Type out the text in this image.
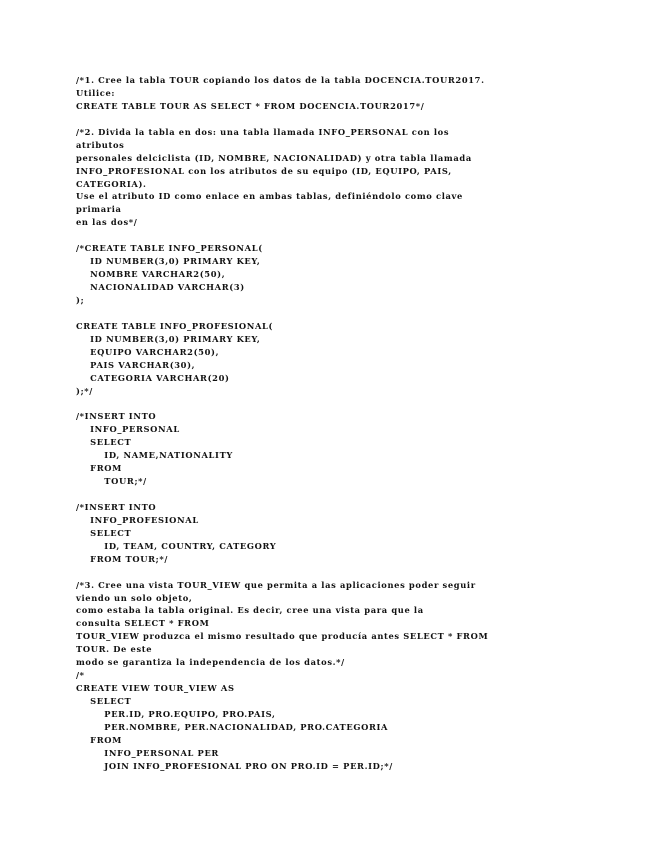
/*1. Cree la tabla TOUR copiando los datos de la tabla DOCENCIA.TOUR2017.
Utilice:
CREATE TABLE TOUR AS SELECT * FROM DOCENCIA.TOUR2017*/
/*2. Divida la tabla en dos: una tabla llamada INFO_PERSONAL con los
atributos
personales delciclista (ID, NOMBRE, NACIONALIDAD) y otra tabla llamada
INFO_PROFESIONAL con los atributos de su equipo (ID, EQUIPO, PAIS,
CATEGORIA).
Use el atributo ID como enlace en ambas tablas, definiéndolo como clave
primaria
en las dos*/
/*CREATE TABLE INFO_PERSONAL(
ID NUMBER(3,0) PRIMARY KEY,
NOMBRE VARCHAR2(50),
NACIONALIDAD VARCHAR(3)
);
CREATE TABLE INFO_PROFESIONAL(
ID NUMBER(3,0) PRIMARY KEY,
EQUIPO VARCHAR2(50),
PAIS VARCHAR(30),
CATEGORIA VARCHAR(20)
);*/
/*INSERT INTO
INFO_PERSONAL
SELECT
ID, NAME,NATIONALITY
FROM
TOUR;*/
/*INSERT INTO
INFO_PROFESIONAL
SELECT
ID, TEAM, COUNTRY, CATEGORY
FROM TOUR;*/
/*3. Cree una vista TOUR_VIEW que permita a las aplicaciones poder seguir
viendo un solo objeto,
como estaba la tabla original. Es decir, cree una vista para que la
consulta SELECT * FROM
TOUR_VIEW produzca el mismo resultado que producía antes SELECT * FROM
TOUR. De este
modo se garantiza la independencia de los datos.*/
/*
CREATE VIEW TOUR_VIEW AS
SELECT
PER.ID, PRO.EQUIPO, PRO.PAIS,
PER.NOMBRE, PER.NACIONALIDAD, PRO.CATEGORIA
FROM
INFO_PERSONAL PER
JOIN INFO_PROFESIONAL PRO ON PRO.ID = PER.ID;*/
